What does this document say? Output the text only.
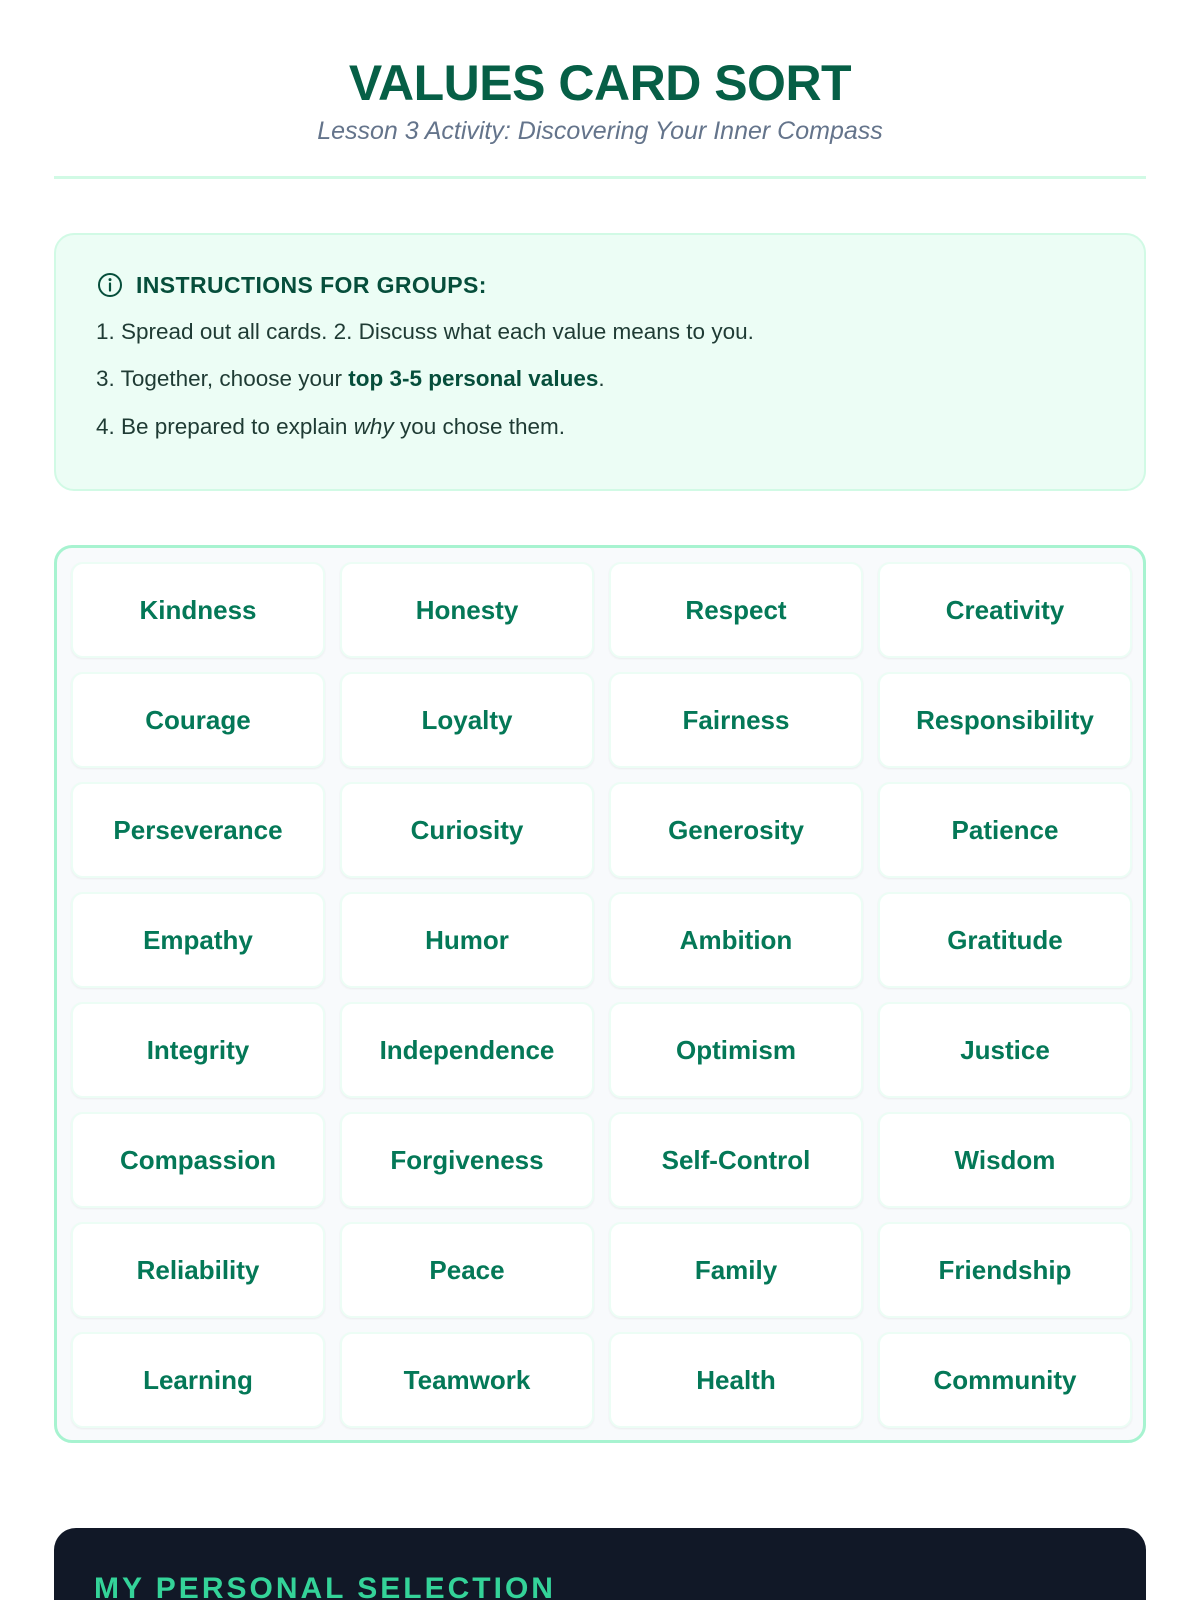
VALUES CARD SORT

Lesson 3 Activity: Discovering Your Inner Compass

INSTRUCTIONS FOR GROUPS:
1. Spread out all cards. 2. Discuss what each value means to you.
3. Together, choose your top 3-5 personal values.
4. Be prepared to explain why you chose them.
Kindness	Honesty	Respect	Creativity
Courage	Loyalty	Fairness	Responsibility
Perseverance	Curiosity	Generosity	Patience
Empathy	Humor	Ambition	Gratitude
Integrity	Independence	Optimism	Justice
Compassion	Forgiveness	Self-Control	Wisdom
Reliability	Peace	Family	Friendship
Learning	Teamwork	Health	Community
MY PERSONAL SELECTION
